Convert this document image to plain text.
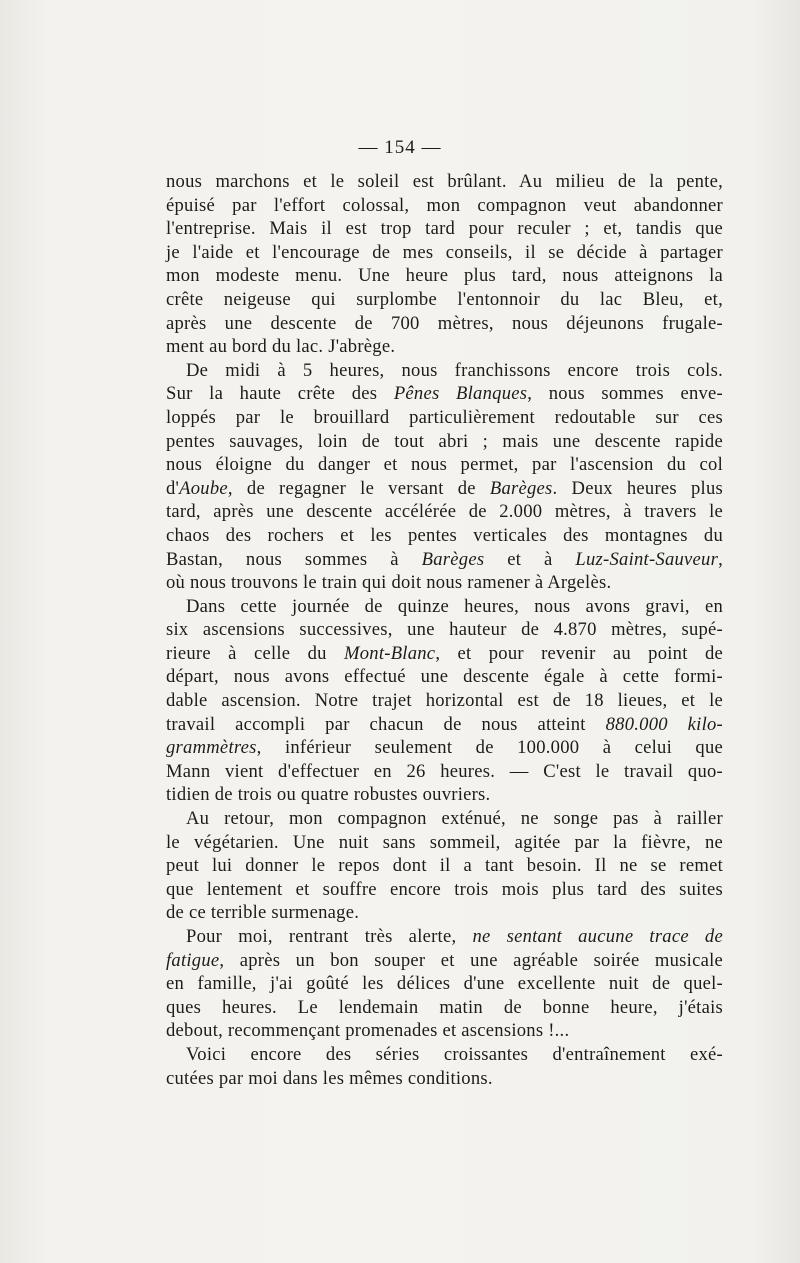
— 154 —
nous marchons et le soleil est brûlant. Au milieu de la pente,
épuisé par l'effort colossal, mon compagnon veut abandonner
l'entreprise. Mais il est trop tard pour reculer ; et, tandis que
je l'aide et l'encourage de mes conseils, il se décide à partager
mon modeste menu. Une heure plus tard, nous atteignons la
crête neigeuse qui surplombe l'entonnoir du lac Bleu, et,
après une descente de 700 mètres, nous déjeunons frugale-
ment au bord du lac. J'abrège.
De midi à 5 heures, nous franchissons encore trois cols.
Sur la haute crête des Pênes Blanques, nous sommes enve-
loppés par le brouillard particulièrement redoutable sur ces
pentes sauvages, loin de tout abri ; mais une descente rapide
nous éloigne du danger et nous permet, par l'ascension du col
d'Aoube, de regagner le versant de Barèges. Deux heures plus
tard, après une descente accélérée de 2.000 mètres, à travers le
chaos des rochers et les pentes verticales des montagnes du
Bastan, nous sommes à Barèges et à Luz-Saint-Sauveur,
où nous trouvons le train qui doit nous ramener à Argelès.
Dans cette journée de quinze heures, nous avons gravi, en
six ascensions successives, une hauteur de 4.870 mètres, supé-
rieure à celle du Mont-Blanc, et pour revenir au point de
départ, nous avons effectué une descente égale à cette formi-
dable ascension. Notre trajet horizontal est de 18 lieues, et le
travail accompli par chacun de nous atteint 880.000 kilo-
grammètres, inférieur seulement de 100.000 à celui que
Mann vient d'effectuer en 26 heures. — C'est le travail quo-
tidien de trois ou quatre robustes ouvriers.
Au retour, mon compagnon exténué, ne songe pas à railler
le végétarien. Une nuit sans sommeil, agitée par la fièvre, ne
peut lui donner le repos dont il a tant besoin. Il ne se remet
que lentement et souffre encore trois mois plus tard des suites
de ce terrible surmenage.
Pour moi, rentrant très alerte, ne sentant aucune trace de
fatigue, après un bon souper et une agréable soirée musicale
en famille, j'ai goûté les délices d'une excellente nuit de quel-
ques heures. Le lendemain matin de bonne heure, j'étais
debout, recommençant promenades et ascensions !...
Voici encore des séries croissantes d'entraînement exé-
cutées par moi dans les mêmes conditions.
